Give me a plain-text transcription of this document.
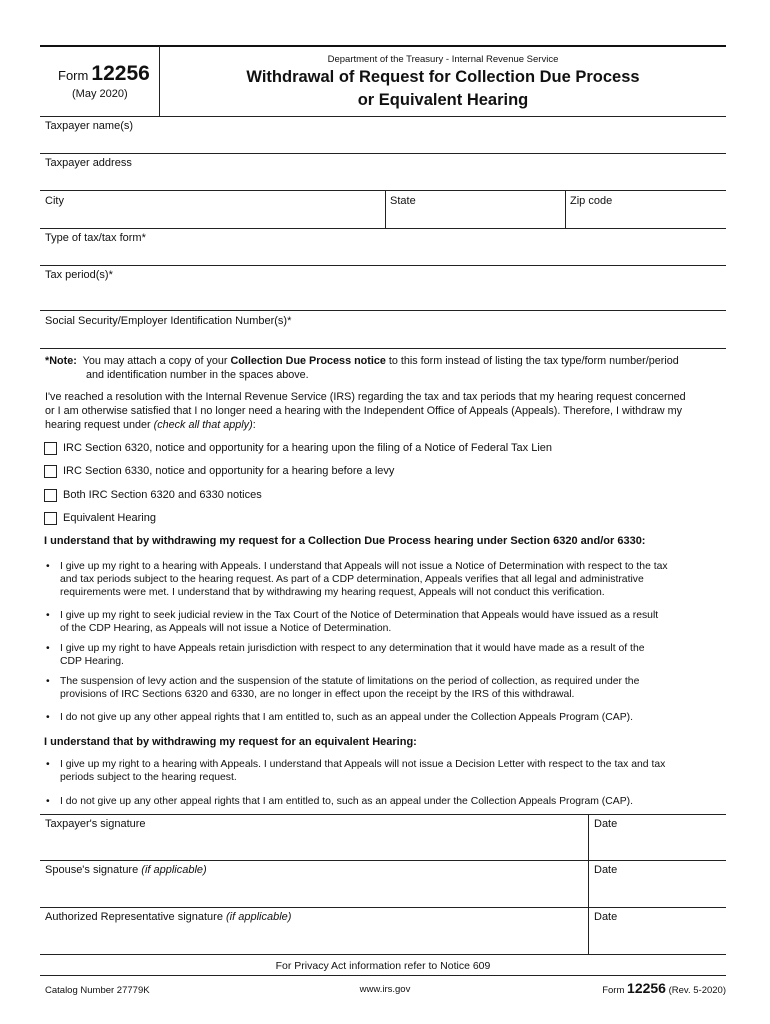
Form 12256
(May 2020)
Department of the Treasury - Internal Revenue Service
Withdrawal of Request for Collection Due Process
or Equivalent Hearing
Taxpayer name(s)
Taxpayer address
City	State	Zip code
Type of tax/tax form*
Tax period(s)*
Social Security/Employer Identification Number(s)*
*Note: You may attach a copy of your Collection Due Process notice to this form instead of listing the tax type/form number/period
and identification number in the spaces above.
I've reached a resolution with the Internal Revenue Service (IRS) regarding the tax and tax periods that my hearing request concerned
or I am otherwise satisfied that I no longer need a hearing with the Independent Office of Appeals (Appeals). Therefore, I withdraw my
hearing request under (check all that apply):
IRC Section 6320, notice and opportunity for a hearing upon the filing of a Notice of Federal Tax Lien
IRC Section 6330, notice and opportunity for a hearing before a levy
Both IRC Section 6320 and 6330 notices
Equivalent Hearing
I understand that by withdrawing my request for a Collection Due Process hearing under Section 6320 and/or 6330:
• I give up my right to a hearing with Appeals. I understand that Appeals will not issue a Notice of Determination with respect to the tax
and tax periods subject to the hearing request. As part of a CDP determination, Appeals verifies that all legal and administrative
requirements were met. I understand that by withdrawing my hearing request, Appeals will not conduct this verification.
• I give up my right to seek judicial review in the Tax Court of the Notice of Determination that Appeals would have issued as a result
of the CDP Hearing, as Appeals will not issue a Notice of Determination.
• I give up my right to have Appeals retain jurisdiction with respect to any determination that it would have made as a result of the
CDP Hearing.
• The suspension of levy action and the suspension of the statute of limitations on the period of collection, as required under the
provisions of IRC Sections 6320 and 6330, are no longer in effect upon the receipt by the IRS of this withdrawal.
• I do not give up any other appeal rights that I am entitled to, such as an appeal under the Collection Appeals Program (CAP).
I understand that by withdrawing my request for an equivalent Hearing:
• I give up my right to a hearing with Appeals. I understand that Appeals will not issue a Decision Letter with respect to the tax and tax
periods subject to the hearing request.
• I do not give up any other appeal rights that I am entitled to, such as an appeal under the Collection Appeals Program (CAP).
Taxpayer's signature	Date
Spouse's signature (if applicable)	Date
Authorized Representative signature (if applicable)	Date
For Privacy Act information refer to Notice 609
Catalog Number 27779K	www.irs.gov	Form 12256 (Rev. 5-2020)
